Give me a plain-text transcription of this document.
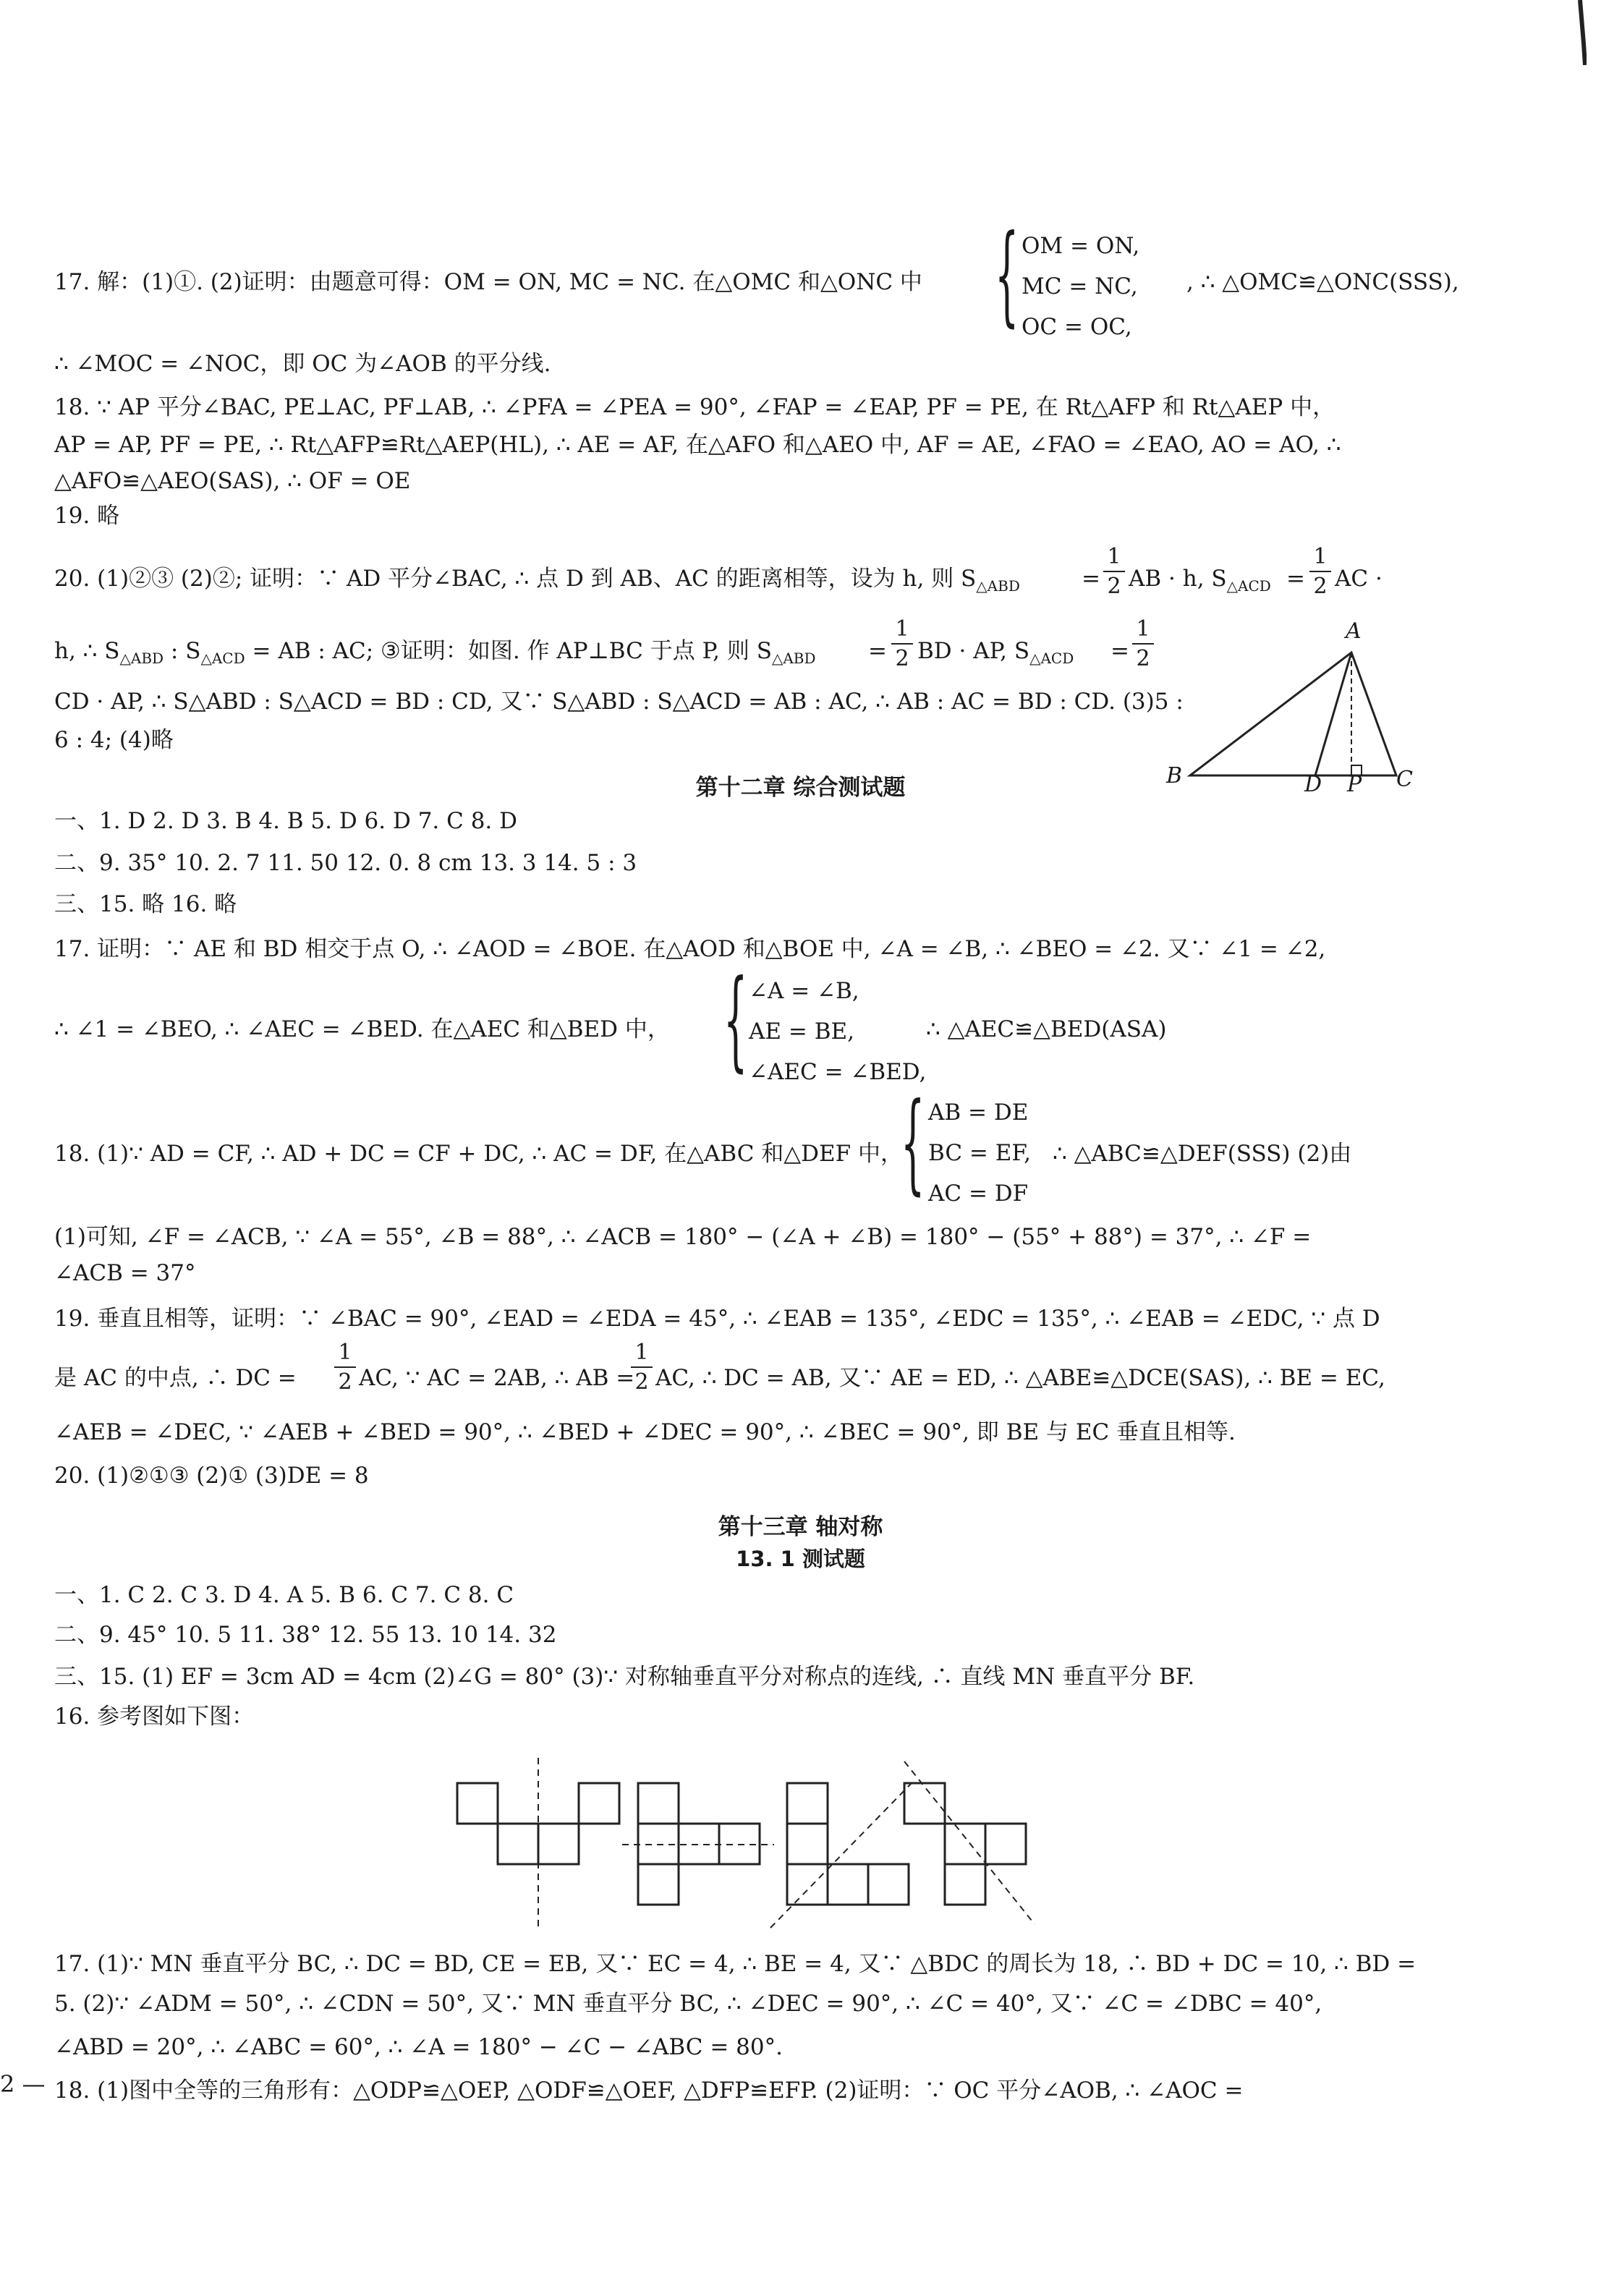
17. 解：(1)①. (2)证明：由题意可得：OM = ON, MC = NC. 在△OMC 和△ONC 中 { OM = ON,
MC = NC,
OC = OC,
, ∴ △OMC≌△ONC(SSS),
∴ ∠MOC = ∠NOC，即 OC 为∠AOB 的平分线.
18. ∵ AP 平分∠BAC, PE⊥AC, PF⊥AB, ∴ ∠PFA = ∠PEA = 90°, ∠FAP = ∠EAP, PF = PE, 在 Rt△AFP 和 Rt△AEP 中，
AP = AP, PF = PE, ∴ Rt△AFP≌Rt△AEP(HL), ∴ AE = AF, 在△AFO 和△AEO 中, AF = AE, ∠FAO = ∠EAO, AO = AO, ∴
△AFO≌△AEO(SAS), ∴ OF = OE
19. 略
20. (1)②③ (2)②; 证明：∵ AD 平分∠BAC, ∴ 点 D 到 AB、AC 的距离相等，设为 h, 则 $S_{\triangle ABD}$	=
1
2 AB · h, $S_{\triangle ACD}$ =
1
2 AC ·
h, ∴ $S_{\triangle ABD}$ : $S_{\triangle ACD}$ = AB : AC; ③证明：如图. 作 AP⊥BC 于点 P, 则 $S_{\triangle ABD}$ =
1
2 BD · AP, $S_{\triangle ACD}$ =
1
2
CD · AP, ∴ S△ABD : S△ACD = BD : CD, 又∵ S△ABD : S△ACD = AB : AC, ∴ AB : AC = BD : CD. (3)5 :
6 : 4; (4)略
A
B	D P C
第十二章 综合测试题
一、1. D 2. D 3. B 4. B 5. D 6. D 7. C 8. D
二、9. 35° 10. 2. 7 11. 50 12. 0. 8 cm 13. 3 14. 5 : 3
三、15. 略 16. 略
17. 证明：∵ AE 和 BD 相交于点 O, ∴ ∠AOD = ∠BOE. 在△AOD 和△BOE 中, ∠A = ∠B, ∴ ∠BEO = ∠2. 又∵ ∠1 = ∠2,
∴ ∠1 = ∠BEO, ∴ ∠AEC = ∠BED. 在△AEC 和△BED 中， { ∠A = ∠B,
AE = BE,
∠AEC = ∠BED,
∴ △AEC≌△BED(ASA)
18. (1)∵ AD = CF, ∴ AD + DC = CF + DC, ∴ AC = DF, 在△ABC 和△DEF 中，
{ AB = DE
BC = EF,
AC = DF
∴ △ABC≌△DEF(SSS) (2)由
(1)可知, ∠F = ∠ACB, ∵ ∠A = 55°, ∠B = 88°, ∴ ∠ACB = 180° − (∠A + ∠B) = 180° − (55° + 88°) = 37°, ∴ ∠F =
∠ACB = 37°
19. 垂直且相等，证明：∵ ∠BAC = 90°, ∠EAD = ∠EDA = 45°, ∴ ∠EAB = 135°, ∠EDC = 135°, ∴ ∠EAB = ∠EDC, ∵ 点 D
是 AC 的中点, ∴ DC =
1
2 AC, ∵ AC = 2AB, ∴ AB =
1
2 AC, ∴ DC = AB, 又∵ AE = ED, ∴ △ABE≌△DCE(SAS), ∴ BE = EC,
∠AEB = ∠DEC, ∵ ∠AEB + ∠BED = 90°, ∴ ∠BED + ∠DEC = 90°, ∴ ∠BEC = 90°, 即 BE 与 EC 垂直且相等.
20. (1)②①③ (2)① (3)DE = 8
第十三章 轴对称
13. 1 测试题
一、1. C 2. C 3. D 4. A 5. B 6. C 7. C 8. C
二、9. 45° 10. 5 11. 38° 12. 55 13. 10 14. 32
三、15. (1) EF = 3cm AD = 4cm (2)∠G = 80° (3)∵ 对称轴垂直平分对称点的连线, ∴ 直线 MN 垂直平分 BF.
16. 参考图如下图：
17. (1)∵ MN 垂直平分 BC, ∴ DC = BD, CE = EB, 又∵ EC = 4, ∴ BE = 4, 又∵ △BDC 的周长为 18, ∴ BD + DC = 10, ∴ BD =
5. (2)∵ ∠ADM = 50°, ∴ ∠CDN = 50°, 又∵ MN 垂直平分 BC, ∴ ∠DEC = 90°, ∴ ∠C = 40°, 又∵ ∠C = ∠DBC = 40°,
∠ABD = 20°, ∴ ∠ABC = 60°, ∴ ∠A = 180° − ∠C − ∠ABC = 80°.
18. (1)图中全等的三角形有：△ODP≌△OEP, △ODF≌△OEF, △DFP≌EFP. (2)证明：∵ OC 平分∠AOB, ∴ ∠AOC =
2 —
